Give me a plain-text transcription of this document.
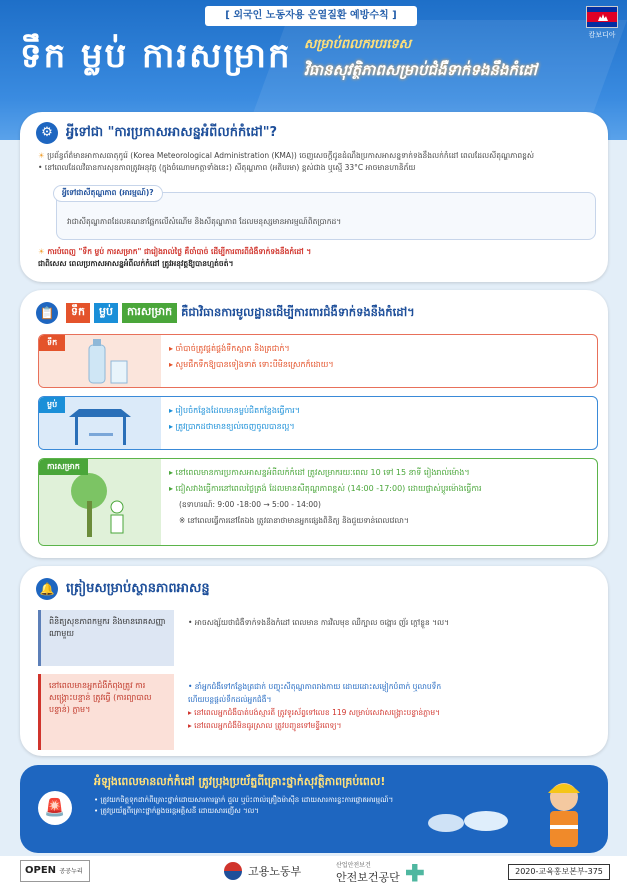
[ 외국인 노동자용 온열질환 예방수칙 ]
캄보디아
ទឹក ម្លប់ ការសម្រាក សម្រាប់ពលករបរទេស
វិធានសុវត្ថិភាពសម្រាប់ជំងឺទាក់ទងនឹងកំដៅ
⚙	អ្វីទៅជា "ការប្រកាសអាសន្នអំពីលក់កំដៅ"?
☀ ប្រព័ន្ធព័ត៌មានអាកាសធាតុកូរ៉េ (Korea Meteorological Administration (KMA)) ចេញសេចក្តីជូនដំណឹងប្រកាសអាសន្នទាក់ទងនឹងលក់កំដៅ ពេលដែលសីតុណ្ហភាពខ្ពស់
• នៅពេលដែលវិធានការសុខភាពត្រូវអនុវត្ត (ក្នុងចំណោមកត្តាទាំងនេះ) សីតុណ្ហភាព (អតិបរមា) ខ្ពស់ជាង ឬស្មើ 33°C អាចមានហានិភ័យ
អ្វីទៅជាសីតុណ្ហភាព (អារម្មណ៍)?
វាជាសីតុណ្ហភាពដែលគណនាផ្អែកលើសំណើម និងសីតុណ្ហភាព ដែលមនុស្សមានអារម្មណ៍ពិតប្រាកដ។
☀ ការបំពេញ "ទឹក ម្លប់ ការសម្រាក" ជារៀងរាល់ថ្ងៃ គឺចាំបាច់ ដើម្បីការពារពីជំងឺទាក់ទងនឹងកំដៅ ។
ជាពិសេស ពេលប្រកាសអាសន្នអំពីលក់កំដៅ ត្រូវអនុវត្តឱ្យបានហ្មត់ចត់។
📋	ទឹក	ម្លប់	ការសម្រាក គឺជាវិធានការមូលដ្ឋានដើម្បីការពារជំងឺទាក់ទងនឹងកំដៅ។
ទឹក
▸ ចាំបាច់ត្រូវផ្គត់ផ្គង់ទឹកស្អាត និងត្រជាក់។
▸ សូមផឹកទឹកឱ្យបានទៀងទាត់ ទោះបីមិនស្រេកក៏ដោយ។
ម្លប់
▸ រៀបចំកន្លែងដែលមានម្លប់ជិតកន្លែងធ្វើការ។
▸ ត្រូវប្រាកដថាមានខ្យល់ចេញចូលបានល្អ។
ការសម្រាក
▸ នៅពេលមានការប្រកាសអាសន្នអំពីលក់កំដៅ ត្រូវសម្រាករយៈពេល 10 ទៅ 15 នាទី រៀងរាល់ម៉ោង។
▸ ជៀសវាងធ្វើការនៅពេលថ្ងៃត្រង់ ដែលមានសីតុណ្ហភាពខ្ពស់ (14:00 -17:00) ដោយផ្លាស់ប្តូរម៉ោងធ្វើការ
(ឧទាហរណ៍: 9:00 -18:00 → 5:00 - 14:00)
※ នៅពេលធ្វើការនៅតែឯង ត្រូវធានាថាមានអ្នកផ្សេងពិនិត្យ និងជួយទាន់ពេលវេលា។
🔔 ត្រៀមសម្រាប់ស្ថានភាពអាសន្ន
ពិនិត្យសុខភាពកម្មករ និងមានរោគសញ្ញាណាមួយ
• អាចសង្ស័យថាជំងឺទាក់ទងនឹងកំដៅ ពេលមាន ការវិលមុខ ឈឺក្បាល ចង្អោរ ញ័រ ក្តៅខ្លួន ។ល។
នៅពេលមានអ្នកជំងឺកំពុងត្រូវ ការសង្គ្រោះបន្ទាន់ ត្រូវធ្វើ (ការព្យាបាលបន្ទាន់) ភ្លាម។
• នាំអ្នកជំងឺទៅកន្លែងត្រជាក់ បញ្ចុះសីតុណ្ហភាពរាងកាយ ដោយដោះសម្លៀកបំពាក់ ឬលាបទឹក
ហើយបន្តផ្តល់ទឹកដល់អ្នកជំងឺ។
▸ នៅពេលអ្នកជំងឺបាត់បង់ស្មារតី ត្រូវទូរស័ព្ទទៅលេខ 119 សម្រាប់សេវាសង្គ្រោះបន្ទាន់ភ្លាម។
▸ នៅពេលអ្នកជំងឺមិនធូរស្រាល ត្រូវបញ្ជូនទៅមន្ទីរពេទ្យ។
🚨
អំឡុងពេលមានលក់កំដៅ ត្រូវប្រុងប្រយ័ត្នពីគ្រោះថ្នាក់សុវត្ថិភាពគ្រប់ពេល!
• ត្រូវយកចិត្តទុកដាក់ពីគ្រោះថ្នាក់ដោយសារការធ្លាក់ ដួល ឬប៉ះពាល់គ្រឿងម៉ាស៊ីន ដោយសារការខ្វះការផ្តោតអារម្មណ៍។
• ត្រូវប្រយ័ត្នពីគ្រោះថ្នាក់ឆ្លងចរន្តអគ្គិសនី ដោយសារញើស ។ល។
OPEN 공공누리	고용노동부	산업안전보건
안전보건공단	2020-교육홍보본부-375
